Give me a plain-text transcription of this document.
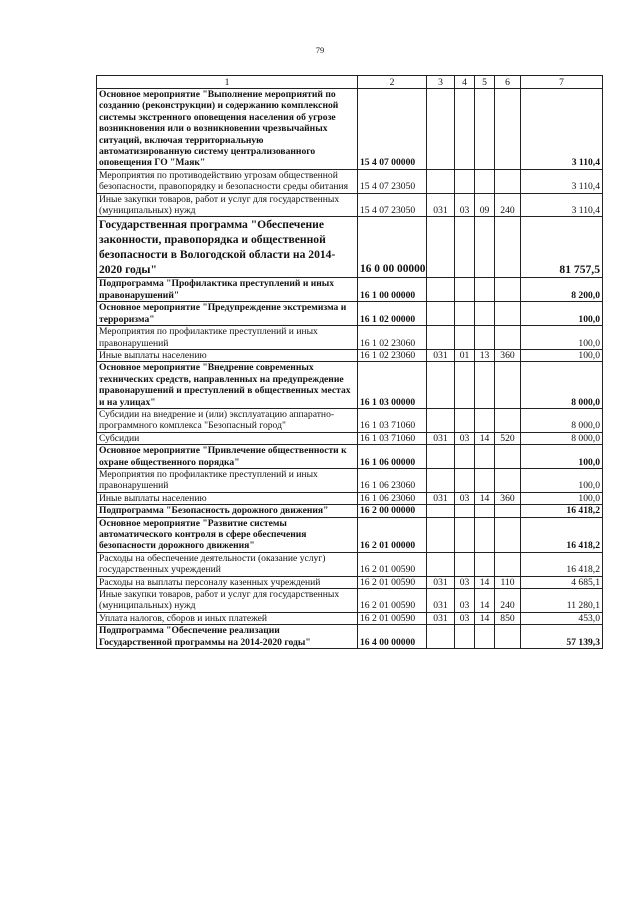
79
1	2	3	4	5	6	7
Основное мероприятие "Выполнение мероприятий по созданию (реконструкции) и содержанию комплексной системы экстренного оповещения населения об угрозе возникновения или о возникновении чрезвычайных ситуаций, включая территориальную автоматизированную систему централизованного оповещения ГО "Маяк"	15 4 07 00000					3 110,4
Мероприятия по противодействию угрозам общественной безопасности, правопорядку и безопасности среды обитания	15 4 07 23050					3 110,4
Иные закупки товаров, работ и услуг для государственных (муниципальных) нужд	15 4 07 23050	031	03	09	240	3 110,4
Государственная программа "Обеспечение законности, правопорядка и общественной безопасности в Вологодской области на 2014-2020 годы"	16 0 00 00000					81 757,5
Подпрограмма "Профилактика преступлений и иных правонарушений"	16 1 00 00000					8 200,0
Основное мероприятие "Предупреждение экстремизма и терроризма"	16 1 02 00000					100,0
Мероприятия по профилактике преступлений и иных правонарушений	16 1 02 23060					100,0
Иные выплаты населению	16 1 02 23060	031	01	13	360	100,0
Основное мероприятие "Внедрение современных технических средств, направленных на предупреждение правонарушений и преступлений в общественных местах и на улицах"	16 1 03 00000					8 000,0
Субсидии на внедрение и (или) эксплуатацию аппаратно-программного комплекса "Безопасный город"	16 1 03 71060					8 000,0
Субсидии	16 1 03 71060	031	03	14	520	8 000,0
Основное мероприятие "Привлечение общественности к охране общественного порядка"	16 1 06 00000					100,0
Мероприятия по профилактике преступлений и иных правонарушений	16 1 06 23060					100,0
Иные выплаты населению	16 1 06 23060	031	03	14	360	100,0
Подпрограмма "Безопасность дорожного движения"	16 2 00 00000					16 418,2
Основное мероприятие "Развитие системы автоматического контроля в сфере обеспечения безопасности дорожного движения"	16 2 01 00000					16 418,2
Расходы на обеспечение деятельности (оказание услуг) государственных учреждений	16 2 01 00590					16 418,2
Расходы на выплаты персоналу казенных учреждений	16 2 01 00590	031	03	14	110	4 685,1
Иные закупки товаров, работ и услуг для государственных (муниципальных) нужд	16 2 01 00590	031	03	14	240	11 280,1
Уплата налогов, сборов и иных платежей	16 2 01 00590	031	03	14	850	453,0
Подпрограмма "Обеспечение реализации Государственной программы на 2014-2020 годы"	16 4 00 00000					57 139,3
